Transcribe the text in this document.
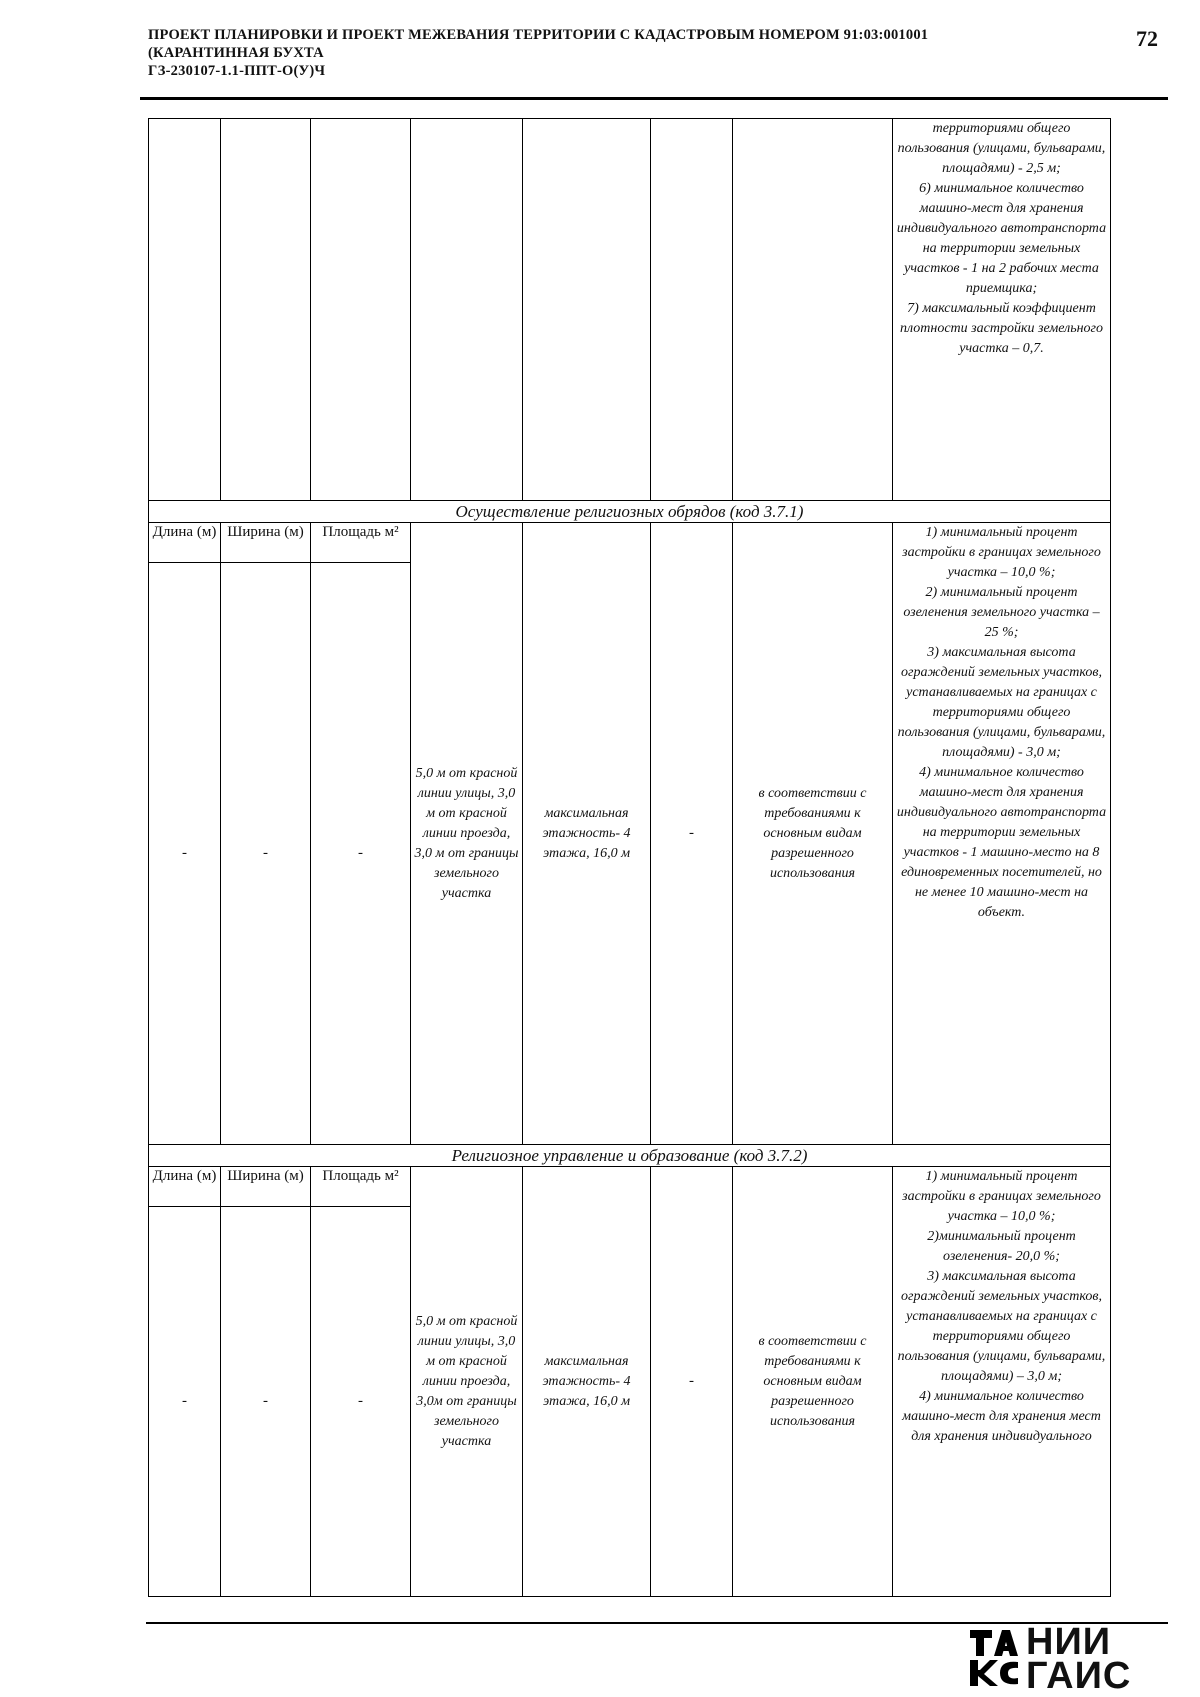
ПРОЕКТ ПЛАНИРОВКИ И ПРОЕКТ МЕЖЕВАНИЯ ТЕРРИТОРИИ С КАДАСТРОВЫМ НОМЕРОМ 91:03:001001
(КАРАНТИННАЯ БУХТА
ГЗ-230107-1.1-ППТ-О(У)Ч
72
							территориями общего пользования (улицами, бульварами, площадями) - 2,5 м;
6) минимальное количество машино-мест для хранения индивидуального автотранспорта на территории земельных участков - 1 на 2 рабочих места приемщика;
7) максимальный коэффициент плотности застройки земельного участка – 0,7.
Осуществление религиозных обрядов (код 3.7.1)							
Длина (м)	Ширина (м)	Площадь м²	5,0 м от красной линии улицы, 3,0 м от красной линии проезда, 3,0 м от границы земельного участка	максимальная этажность- 4 этажа, 16,0 м	-	в соответствии с требованиями к основным видам разрешенного использования	1) минимальный процент застройки в границах земельного участка – 10,0 %;
2) минимальный процент озеленения земельного участка – 25 %;
3) максимальная высота ограждений земельных участков, устанавливаемых на границах с территориями общего пользования (улицами, бульварами, площадями) - 3,0 м;
4) минимальное количество машино-мест для хранения индивидуального автотранспорта на территории земельных участков - 1 машино-место на 8 единовременных посетителей, но не менее 10 машино-мест на объект.
-	-	-					
Религиозное управление и образование (код 3.7.2)							
Длина (м)	Ширина (м)	Площадь м²	5,0 м от красной линии улицы, 3,0 м от красной линии проезда, 3,0м от границы земельного участка	максимальная этажность- 4 этажа, 16,0 м	-	в соответствии с требованиями к основным видам разрешенного использования	1) минимальный процент застройки в границах земельного участка – 10,0 %;
2)минимальный процент озеленения- 20,0 %;
3) максимальная высота ограждений земельных участков, устанавливаемых на границах с территориями общего пользования (улицами, бульварами, площадями) – 3,0 м;
4) минимальное количество машино-мест для хранения мест для хранения индивидуального
-	-	-					
НИИ
ГАИС
